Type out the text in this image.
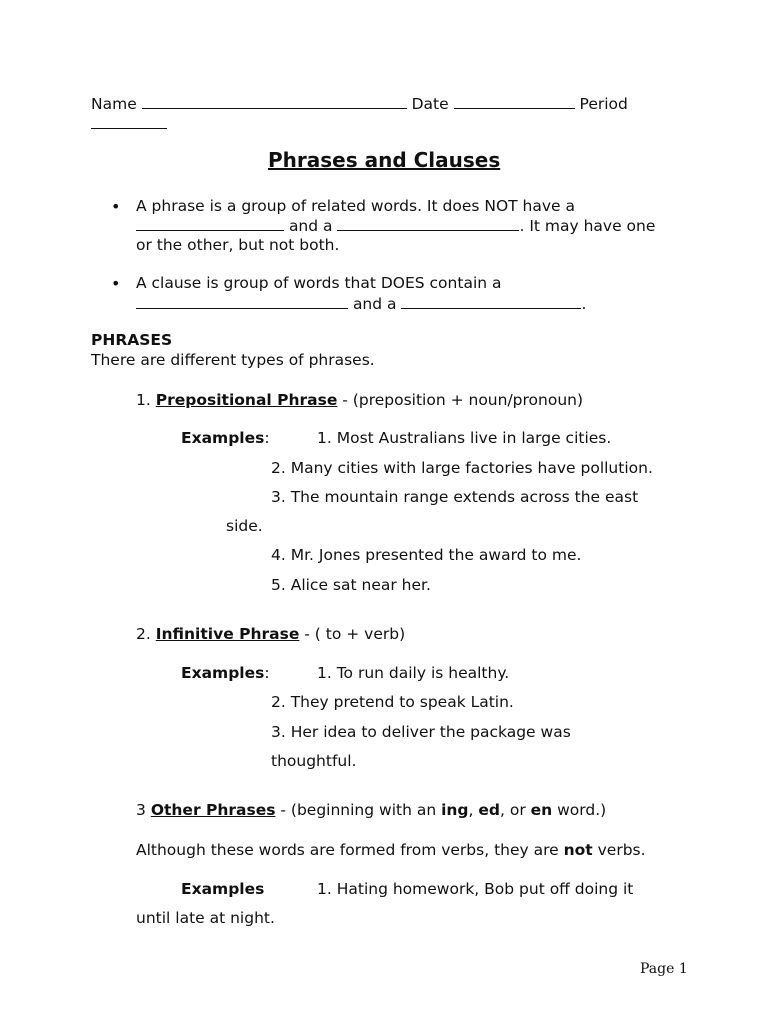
Name	Date	Period
Phrases and Clauses
• A phrase is a group of related words. It does NOT have a
and a	. It may have one
or the other, but not both.
• A clause is group of words that DOES contain a
and a	.
PHRASES
There are different types of phrases.
1. Prepositional Phrase - (preposition + noun/pronoun)
Examples:	1. Most Australians live in large cities.
2. Many cities with large factories have pollution.
3. The mountain range extends across the east
side.
4. Mr. Jones presented the award to me.
5. Alice sat near her.
2. Infinitive Phrase - ( to + verb)
Examples:	1. To run daily is healthy.
2. They pretend to speak Latin.
3. Her idea to deliver the package was
thoughtful.
3 Other Phrases - (beginning with an ing, ed, or en word.)
Although these words are formed from verbs, they are not verbs.
Examples	1. Hating homework, Bob put off doing it
until late at night.
Page 1
